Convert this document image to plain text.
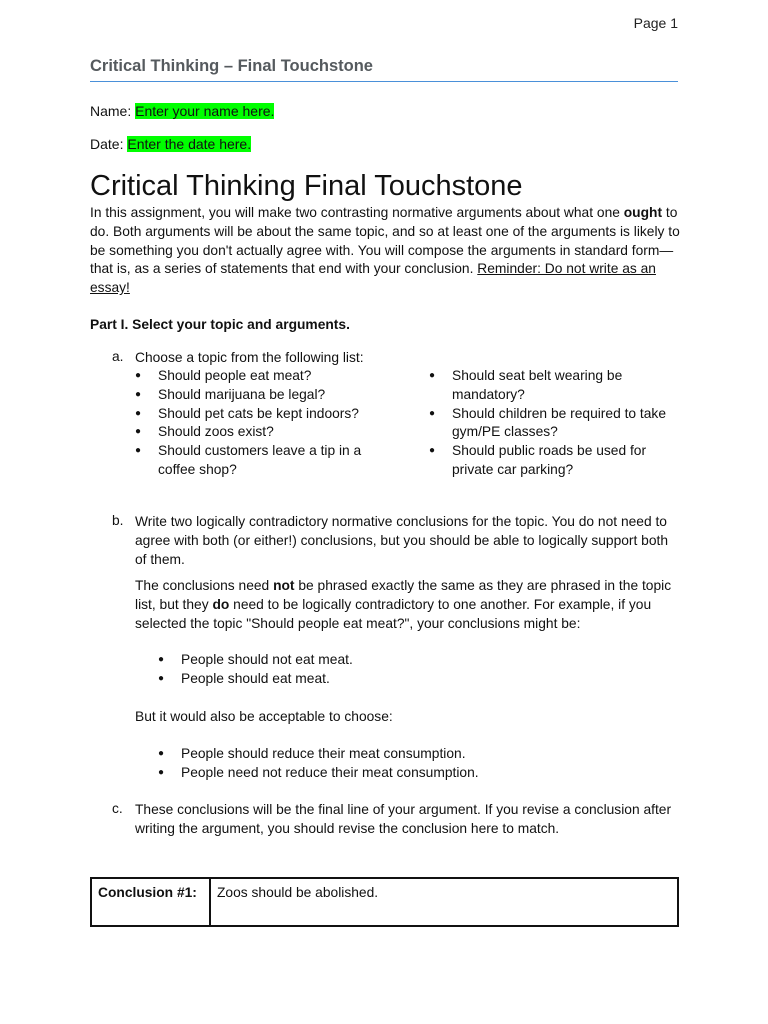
Page 1
Critical Thinking – Final Touchstone
Name: Enter your name here.
Date: Enter the date here.
Critical Thinking Final Touchstone

In this assignment, you will make two contrasting normative arguments about what one ought to do. Both arguments will be about the same topic, and so at least one of the arguments is likely to be something you don't actually agree with. You will compose the arguments in standard form—that is, as a series of statements that end with your conclusion. Reminder: Do not write as an essay!

Part I. Select your topic and arguments.
a. Choose a topic from the following list:

● Should people eat meat?
● Should marijuana be legal?
● Should pet cats be kept indoors?
● Should zoos exist?
● Should customers leave a tip in a coffee shop?
● Should seat belt wearing be mandatory?
● Should children be required to take gym/PE classes?
● Should public roads be used for private car parking?
b. Write two logically contradictory normative conclusions for the topic. You do not need to agree with both (or either!) conclusions, but you should be able to logically support both of them.

The conclusions need not be phrased exactly the same as they are phrased in the topic list, but they do need to be logically contradictory to one another. For example, if you selected the topic "Should people eat meat?", your conclusions might be:

● People should not eat meat.
● People should eat meat.

But it would also be acceptable to choose:

● People should reduce their meat consumption.
● People need not reduce their meat consumption.
c. These conclusions will be the final line of your argument. If you revise a conclusion after writing the argument, you should revise the conclusion here to match.

Conclusion #1:	Zoos should be abolished.
